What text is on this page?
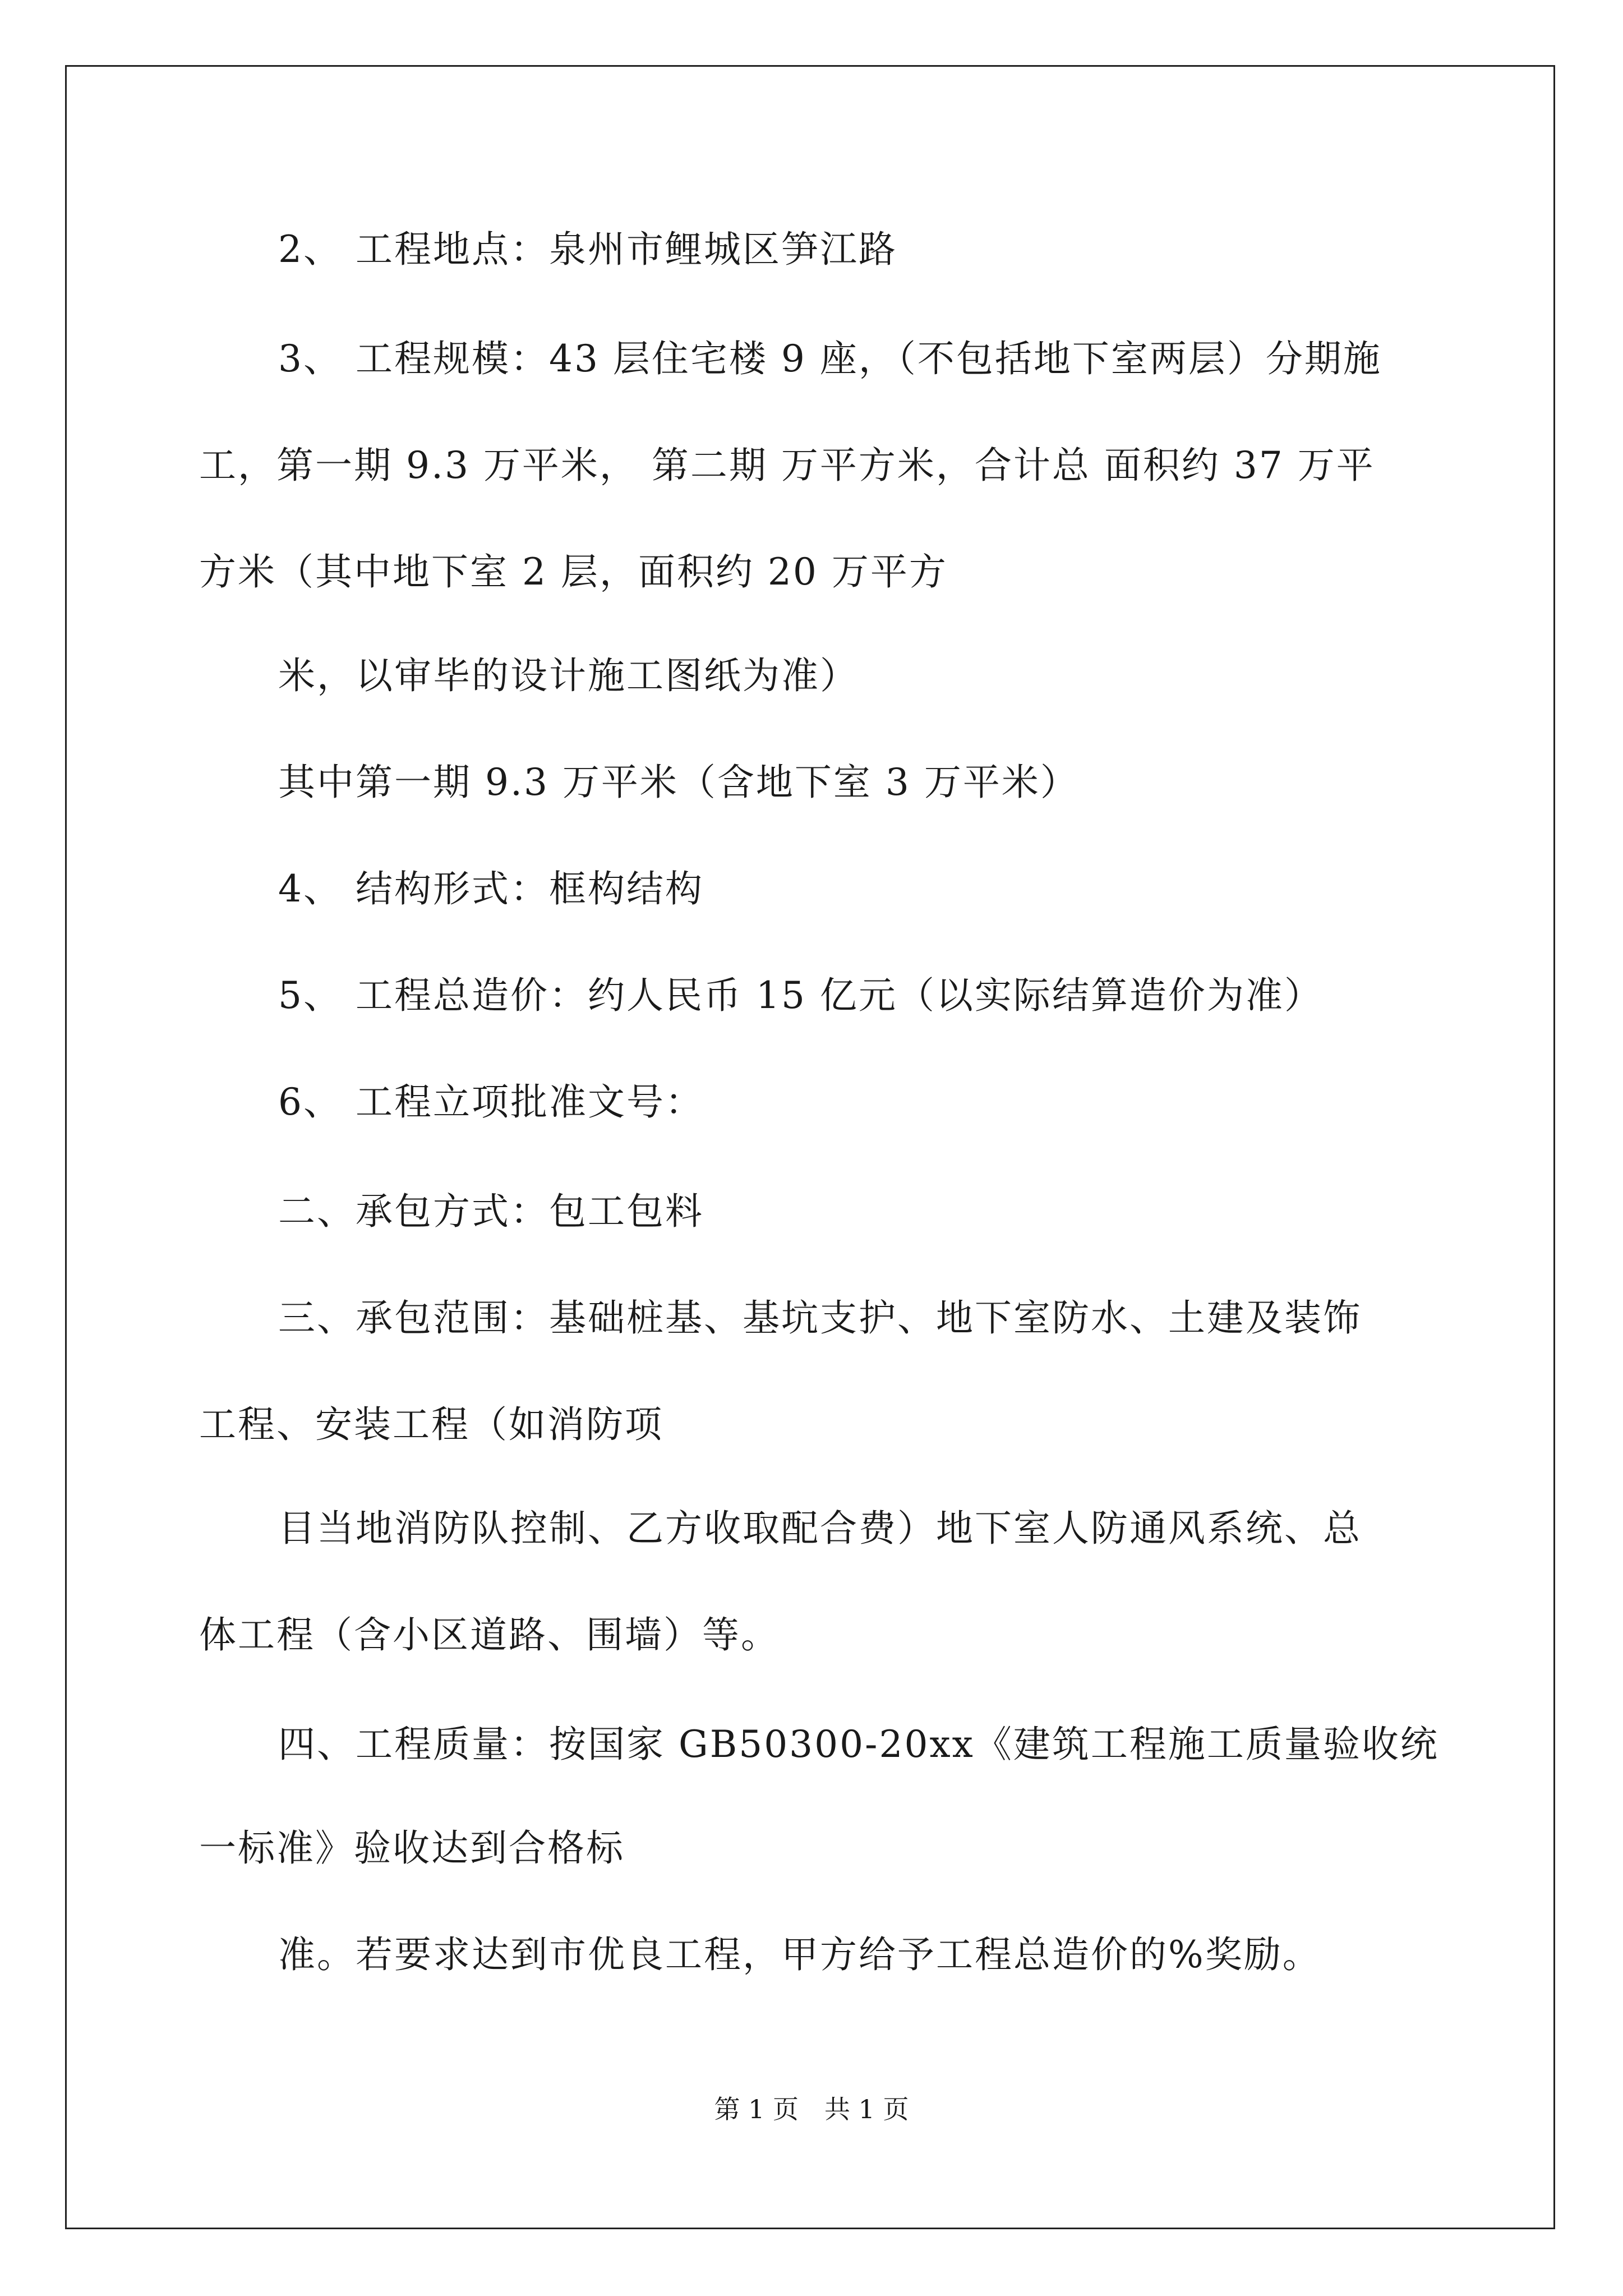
2、 工程地点：泉州市鲤城区笋江路
3、 工程规模：43 层住宅楼 9 座，（不包括地下室两层）分期施
工，第一期 9.3 万平米， 第二期 万平方米，合计总 面积约 37 万平
方米（其中地下室 2 层，面积约 20 万平方
米，以审毕的设计施工图纸为准）
其中第一期 9.3 万平米（含地下室 3 万平米）
4、 结构形式：框构结构
5、 工程总造价：约人民币 15 亿元（以实际结算造价为准）
6、 工程立项批准文号：
二、承包方式：包工包料
三、承包范围：基础桩基、基坑支护、地下室防水、土建及装饰
工程、安装工程（如消防项
目当地消防队控制、乙方收取配合费）地下室人防通风系统、总
体工程（含小区道路、围墙）等。
四、工程质量：按国家 GB50300-20xx《建筑工程施工质量验收统
一标准》验收达到合格标
准。若要求达到市优良工程，甲方给予工程总造价的%奖励。
第 1 页　共 1 页
